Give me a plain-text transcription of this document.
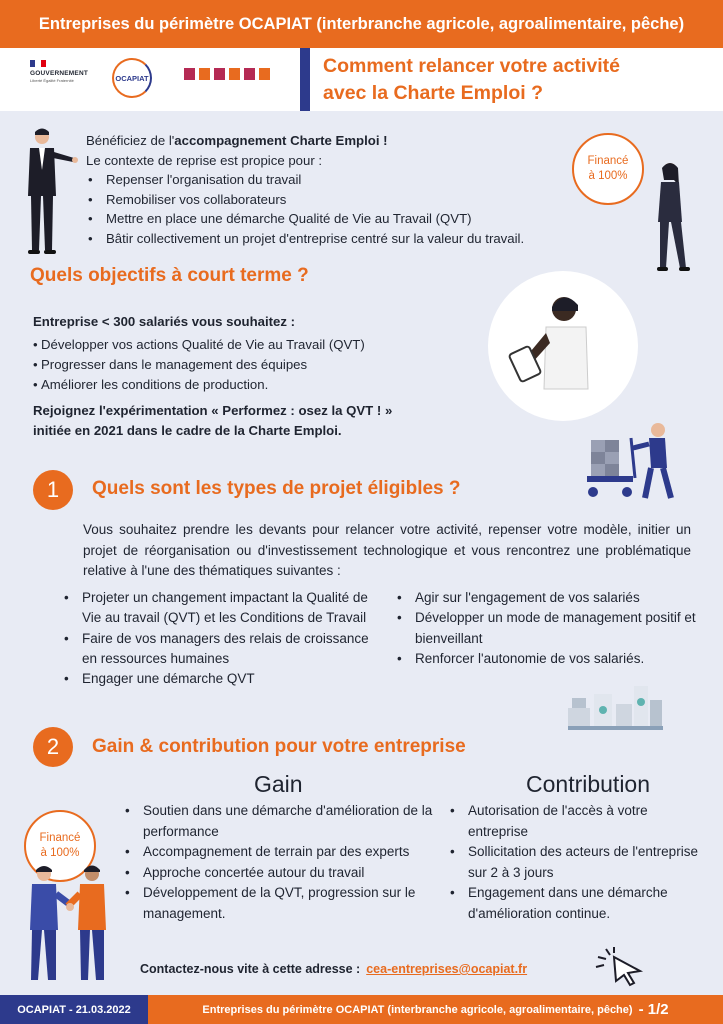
Entreprises du périmètre OCAPIAT (interbranche agricole, agroalimentaire, pêche)
GOUVERNEMENT
Liberté Égalité Fraternité	OCAPIAT
Comment relancer votre activité
avec la Charte Emploi ?
Bénéficiez de l'accompagnement Charte Emploi !
Le contexte de reprise est propice pour :
• Repenser l'organisation du travail
• Remobiliser vos collaborateurs
• Mettre en place une démarche Qualité de Vie au Travail (QVT)
• Bâtir collectivement un projet d'entreprise centré sur la valeur du travail.
Financé
à 100%
Quels objectifs à court terme ?
Entreprise < 300 salariés vous souhaitez :
• Développer vos actions Qualité de Vie au Travail (QVT)
• Progresser dans le management des équipes
• Améliorer les conditions de production.
Rejoignez l'expérimentation « Performez : osez la QVT ! »
initiée en 2021 dans le cadre de la Charte Emploi.
1 Quels sont les types de projet éligibles ?
Vous souhaitez prendre les devants pour relancer votre activité, repenser votre modèle, initier un projet de réorganisation ou d'investissement technologique et vous rencontrez une problématique relative à l'une des thématiques suivantes :
• Projeter un changement impactant la Qualité de Vie au travail (QVT) et les Conditions de Travail
• Faire de vos managers des relais de croissance en ressources humaines
• Engager une démarche QVT
• Agir sur l'engagement de vos salariés
• Développer un mode de management positif et bienveillant
• Renforcer l'autonomie de vos salariés.
2 Gain & contribution pour votre entreprise
Gain	Contribution
• Soutien dans une démarche d'amélioration de la performance
• Accompagnement de terrain par des experts
• Approche concertée autour du travail
• Développement de la QVT, progression sur le management.
• Autorisation de l'accès à votre entreprise
• Sollicitation des acteurs de l'entreprise sur 2 à 3 jours
• Engagement dans une démarche d'amélioration continue.
Financé
à 100%
Contactez-nous vite à cette adresse : cea-entreprises@ocapiat.fr
OCAPIAT - 21.03.2022	Entreprises du périmètre OCAPIAT (interbranche agricole, agroalimentaire, pêche) - 1/2
